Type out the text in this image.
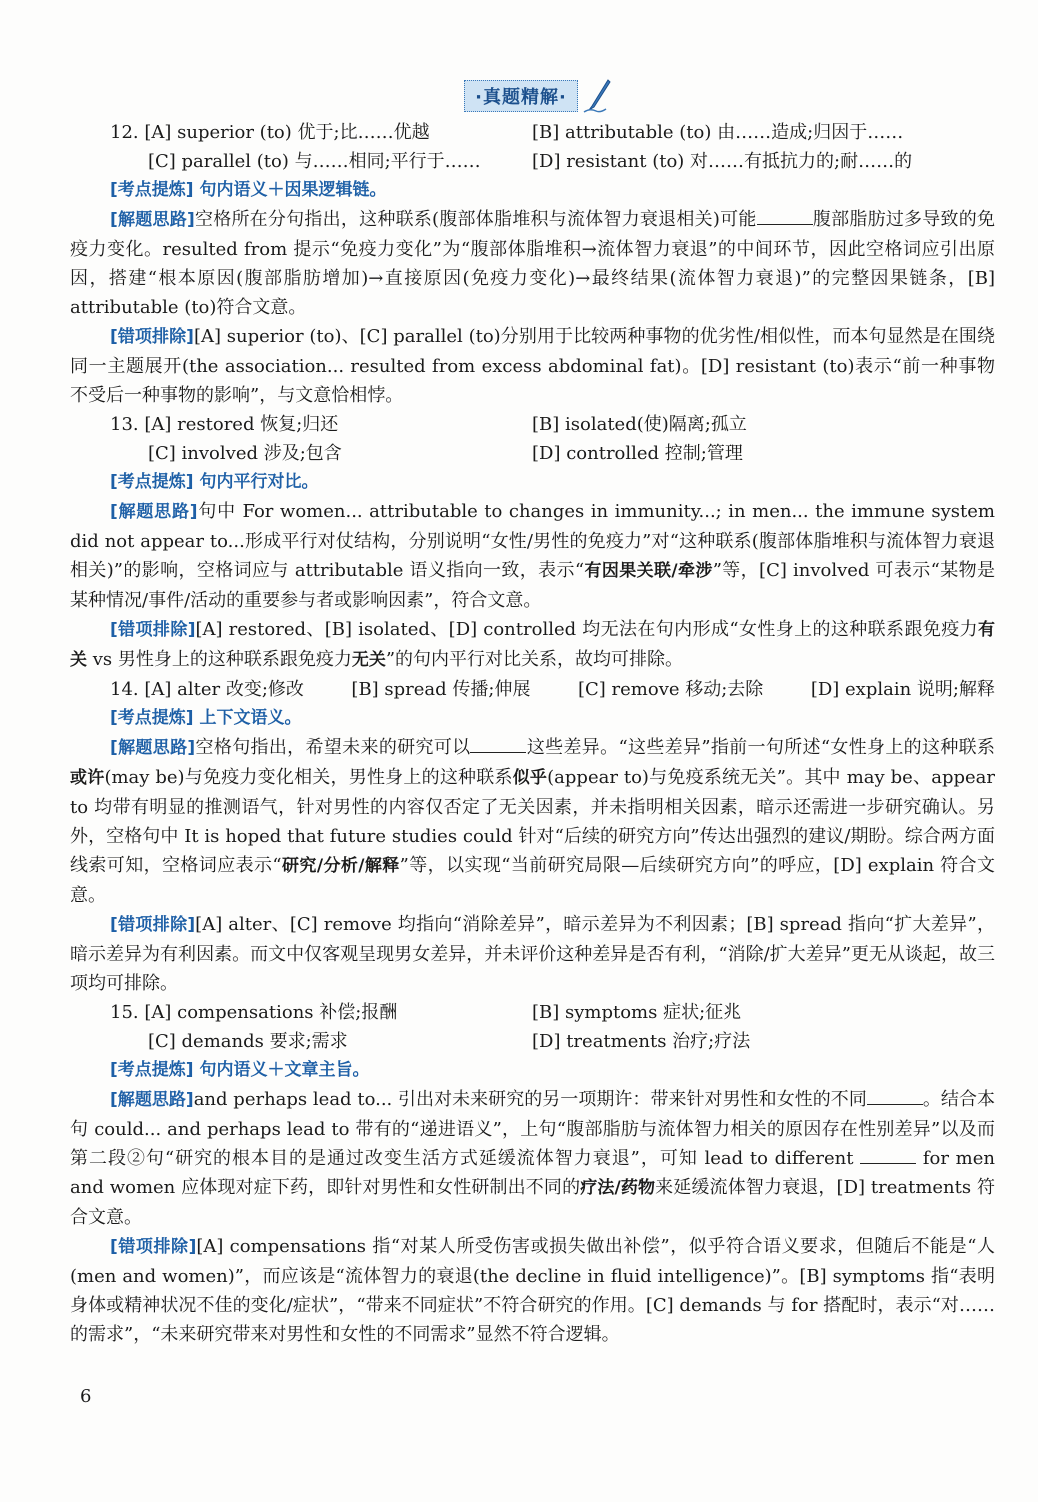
·真题精解·
12. [A] superior (to) 优于;比……优越	[B] attributable (to) 由……造成;归因于……
[C] parallel (to) 与……相同;平行于……	[D] resistant (to) 对……有抵抗力的;耐……的
[考点提炼] 句内语义＋因果逻辑链。
[解题思路]空格所在分句指出，这种联系(腹部体脂堆积与流体智力衰退相关)可能	腹部脂肪过多导致的免疫力变化。resulted from 提示“免疫力变化”为“腹部体脂堆积→流体智力衰退”的中间环节，因此空格词应引出原因，搭建“根本原因(腹部脂肪增加)→直接原因(免疫力变化)→最终结果(流体智力衰退)”的完整因果链条，[B] attributable (to)符合文意。
[错项排除][A] superior (to)、[C] parallel (to)分别用于比较两种事物的优劣性/相似性，而本句显然是在围绕同一主题展开(the association... resulted from excess abdominal fat)。[D] resistant (to)表示“前一种事物不受后一种事物的影响”，与文意恰相悖。
13. [A] restored 恢复;归还	[B] isolated(使)隔离;孤立
[C] involved 涉及;包含	[D] controlled 控制;管理
[考点提炼] 句内平行对比。
[解题思路]句中 For women... attributable to changes in immunity...; in men... the immune system did not appear to...形成平行对仗结构，分别说明“女性/男性的免疫力”对“这种联系(腹部体脂堆积与流体智力衰退相关)”的影响，空格词应与 attributable 语义指向一致，表示“有因果关联/牵涉”等，[C] involved 可表示“某物是某种情况/事件/活动的重要参与者或影响因素”，符合文意。
[错项排除][A] restored、[B] isolated、[D] controlled 均无法在句内形成“女性身上的这种联系跟免疫力有关 vs 男性身上的这种联系跟免疫力无关”的句内平行对比关系，故均可排除。
14. [A] alter 改变;修改	[B] spread 传播;伸展	[C] remove 移动;去除	[D] explain 说明;解释
[考点提炼] 上下文语义。
[解题思路]空格句指出，希望未来的研究可以	这些差异。“这些差异”指前一句所述“女性身上的这种联系或许(may be)与免疫力变化相关，男性身上的这种联系似乎(appear to)与免疫系统无关”。其中 may be、appear to 均带有明显的推测语气，针对男性的内容仅否定了无关因素，并未指明相关因素，暗示还需进一步研究确认。另外，空格句中 It is hoped that future studies could 针对“后续的研究方向”传达出强烈的建议/期盼。综合两方面线索可知，空格词应表示“研究/分析/解释”等，以实现“当前研究局限—后续研究方向”的呼应，[D] explain 符合文意。
[错项排除][A] alter、[C] remove 均指向“消除差异”，暗示差异为不利因素；[B] spread 指向“扩大差异”，暗示差异为有利因素。而文中仅客观呈现男女差异，并未评价这种差异是否有利，“消除/扩大差异”更无从谈起，故三项均可排除。
15. [A] compensations 补偿;报酬	[B] symptoms 症状;征兆
[C] demands 要求;需求	[D] treatments 治疗;疗法
[考点提炼] 句内语义＋文章主旨。
[解题思路]and perhaps lead to... 引出对未来研究的另一项期许：带来针对男性和女性的不同	。结合本句 could... and perhaps lead to 带有的“递进语义”，上句“腹部脂肪与流体智力相关的原因存在性别差异”以及而第二段②句“研究的根本目的是通过改变生活方式延缓流体智力衰退”，可知 lead to different	for men and women 应体现对症下药，即针对男性和女性研制出不同的疗法/药物来延缓流体智力衰退，[D] treatments 符合文意。
[错项排除][A] compensations 指“对某人所受伤害或损失做出补偿”，似乎符合语义要求，但随后不能是“人(men and women)”，而应该是“流体智力的衰退(the decline in fluid intelligence)”。[B] symptoms 指“表明身体或精神状况不佳的变化/症状”，“带来不同症状”不符合研究的作用。[C] demands 与 for 搭配时，表示“对……的需求”，“未来研究带来对男性和女性的不同需求”显然不符合逻辑。
6
